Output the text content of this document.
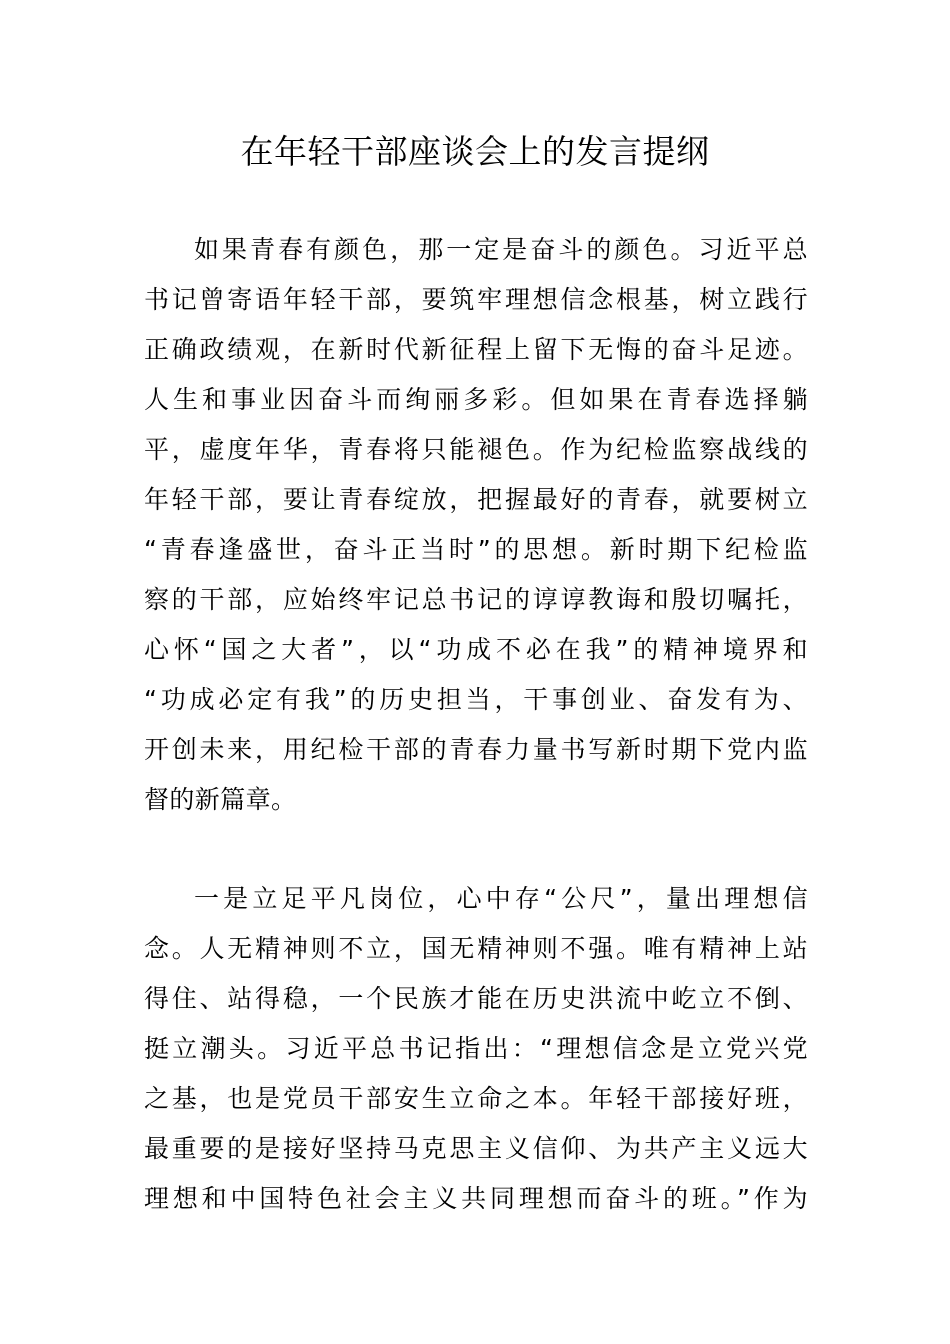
在年轻干部座谈会上的发言提纲

如果青春有颜色，那一定是奋斗的颜色。习近平总
书记曾寄语年轻干部，要筑牢理想信念根基，树立践行
正确政绩观，在新时代新征程上留下无悔的奋斗足迹。
人生和事业因奋斗而绚丽多彩。但如果在青春选择躺
平，虚度年华，青春将只能褪色。作为纪检监察战线的
年轻干部，要让青春绽放，把握最好的青春，就要树立
“青春逢盛世，奋斗正当时”的思想。新时期下纪检监
察的干部，应始终牢记总书记的谆谆教诲和殷切嘱托，
心怀“国之大者”，以“功成不必在我”的精神境界和
“功成必定有我”的历史担当，干事创业、奋发有为、
开创未来，用纪检干部的青春力量书写新时期下党内监
督的新篇章。

一是立足平凡岗位，心中存“公尺”，量出理想信
念。人无精神则不立，国无精神则不强。唯有精神上站
得住、站得稳，一个民族才能在历史洪流中屹立不倒、
挺立潮头。习近平总书记指出：“理想信念是立党兴党
之基，也是党员干部安生立命之本。年轻干部接好班，
最重要的是接好坚持马克思主义信仰、为共产主义远大
理想和中国特色社会主义共同理想而奋斗的班。”作为
